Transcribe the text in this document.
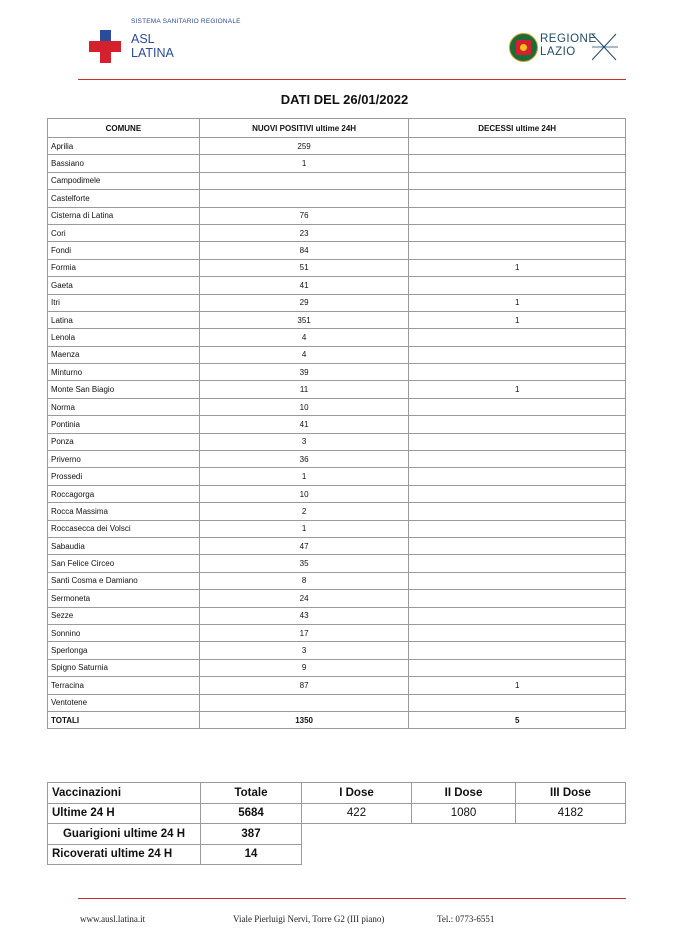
SISTEMA SANITARIO REGIONALE
ASL
LATINA
REGIONE
LAZIO
DATI DEL 26/01/2022
COMUNE	NUOVI POSITIVI ultime 24H	DECESSI ultime 24H
Aprilia	259	
Bassiano	1	
Campodimele		
Castelforte		
Cisterna di Latina	76	
Cori	23	
Fondi	84	
Formia	51	1
Gaeta	41	
Itri	29	1
Latina	351	1
Lenola	4	
Maenza	4	
Minturno	39	
Monte San Biagio	11	1
Norma	10	
Pontinia	41	
Ponza	3	
Priverno	36	
Prossedi	1	
Roccagorga	10	
Rocca Massima	2	
Roccasecca dei Volsci	1	
Sabaudia	47	
San Felice Circeo	35	
Santi Cosma e Damiano	8	
Sermoneta	24	
Sezze	43	
Sonnino	17	
Sperlonga	3	
Spigno Saturnia	9	
Terracina	87	1
Ventotene		
TOTALI	1350	5
Vaccinazioni	Totale	I Dose	II Dose	III Dose
Ultime 24 H	5684	422	1080	4182
Guarigioni ultime 24 H	387			
Ricoverati ultime 24 H	14			
www.ausl.latina.it	Viale Pierluigi Nervi, Torre G2 (III piano)	Tel.: 0773-6551
